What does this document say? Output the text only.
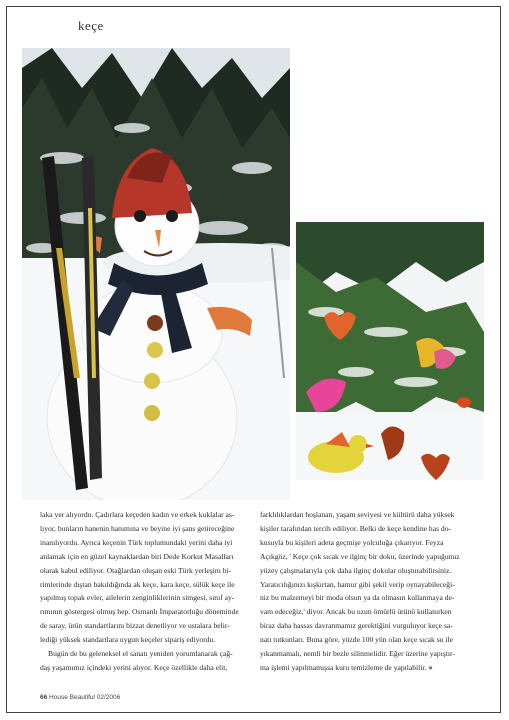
keçe

laka yer alıyordu. Çadırlara keçeden kadın ve erkek kuklalar as-

lıyor, bunların hanenin hanımına ve beyine iyi şans getireceğine

inanılıyordu. Ayrıca keçenin Türk toplumundaki yerini daha iyi

anlamak için en güzel kaynaklardan biri Dede Korkut Masalları

olarak kabul ediliyor. Otağlardan oluşan eski Türk yerleşim bi-

rimlerinde dıştan bakıldığında ak keçe, kara keçe, sülük keçe ile

yapılmış topak evler, ailelerin zenginliklerinin simgesi, sınıf ay-

rımının göstergesi olmuş hep. Osmanlı İmparatorluğu döneminde

de saray, ürün standartlarını bizzat denetliyor ve ustalara belir-

lediği yüksek standartlara uygun keçeler sipariş ediyordu.

Bugün de bu geleneksel el sanatı yeniden yorumlanarak çağ-

daş yaşamımız içindeki yerini alıyor. Keçe özellikle daha elit,

farklılıklardan hoşlanan, yaşam seviyesi ve kültürü daha yüksek

kişiler tarafından tercih ediliyor. Belki de keçe kendine has do-

kusuyla bu kişileri adeta geçmişe yolculuğa çıkarıyor. Feyza

Açıkgöz, ' Keçe çok sıcak ve ilginç bir doku, üzerinde yapuğunuz

yüzey çalışmalarıyla çok daha ilginç dokular oluşturabilirsiniz.

Yaratıcılığınızı kışkırtan, hamur gibi şekil verip oynayabileceği-

niz bu malzemeyi bir moda olsun ya da olmasın kullanmaya de-

vam edeceğiz,' diyor. Ancak bu uzun ömürlü ürünü kullanırken

biraz daha hassas davranmamız gerektiğini vurguluyor keçe sa-

natı tutkunları. Buna göre, yüzde 100 yün olan keçe sıcak su ile

yıkanmamalı, nemli bir bezle silinmelidir. Eğer üzerine yapıştır-

ma işlemi yapılmamışsa kuru temizleme de yapılabilir. ●

66 House Beautiful 02/2006
